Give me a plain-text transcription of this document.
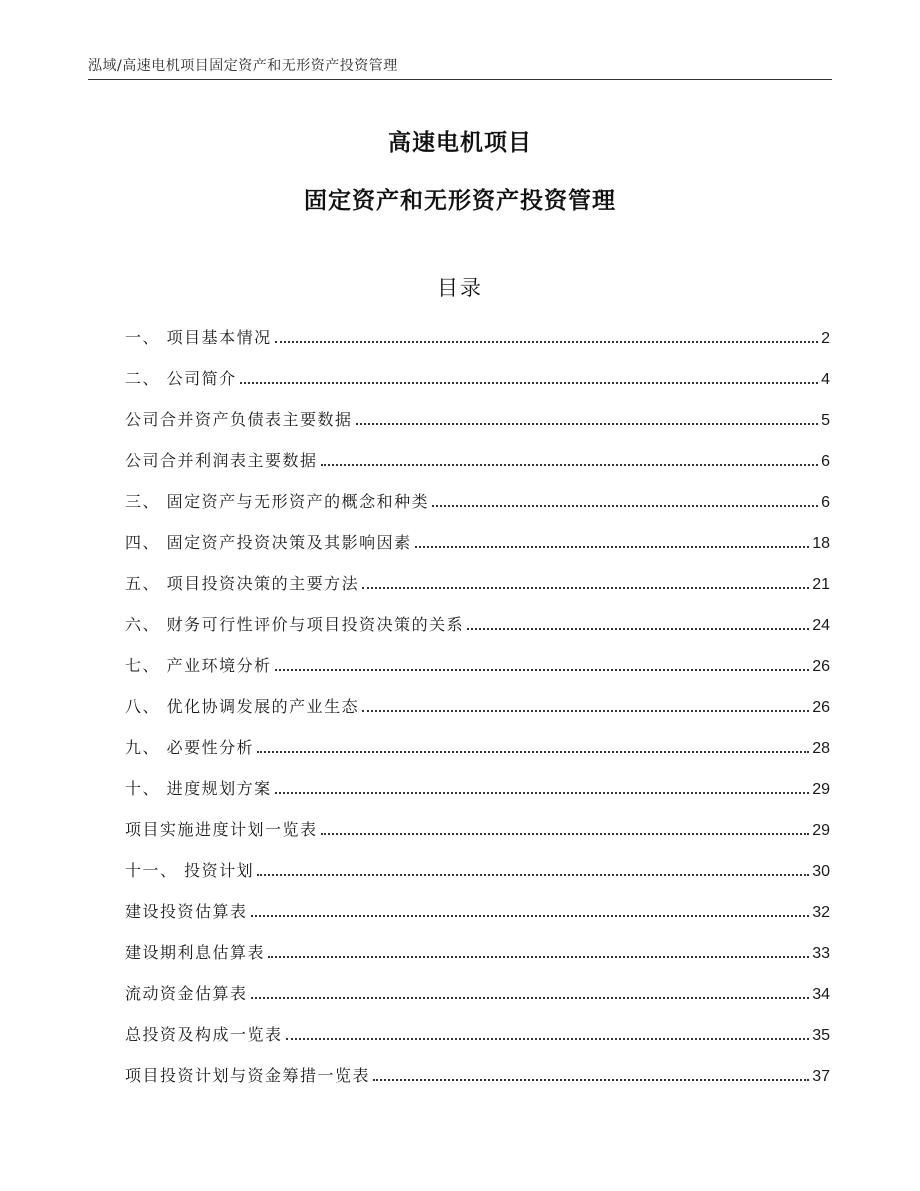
泓域/高速电机项目固定资产和无形资产投资管理
高速电机项目
固定资产和无形资产投资管理
目录
一、 项目基本情况	2
二、 公司简介	4
公司合并资产负债表主要数据	5
公司合并利润表主要数据	6
三、 固定资产与无形资产的概念和种类	6
四、 固定资产投资决策及其影响因素	18
五、 项目投资决策的主要方法	21
六、 财务可行性评价与项目投资决策的关系	24
七、 产业环境分析	26
八、 优化协调发展的产业生态	26
九、 必要性分析	28
十、 进度规划方案	29
项目实施进度计划一览表	29
十一、 投资计划	30
建设投资估算表	32
建设期利息估算表	33
流动资金估算表	34
总投资及构成一览表	35
项目投资计划与资金筹措一览表	37
